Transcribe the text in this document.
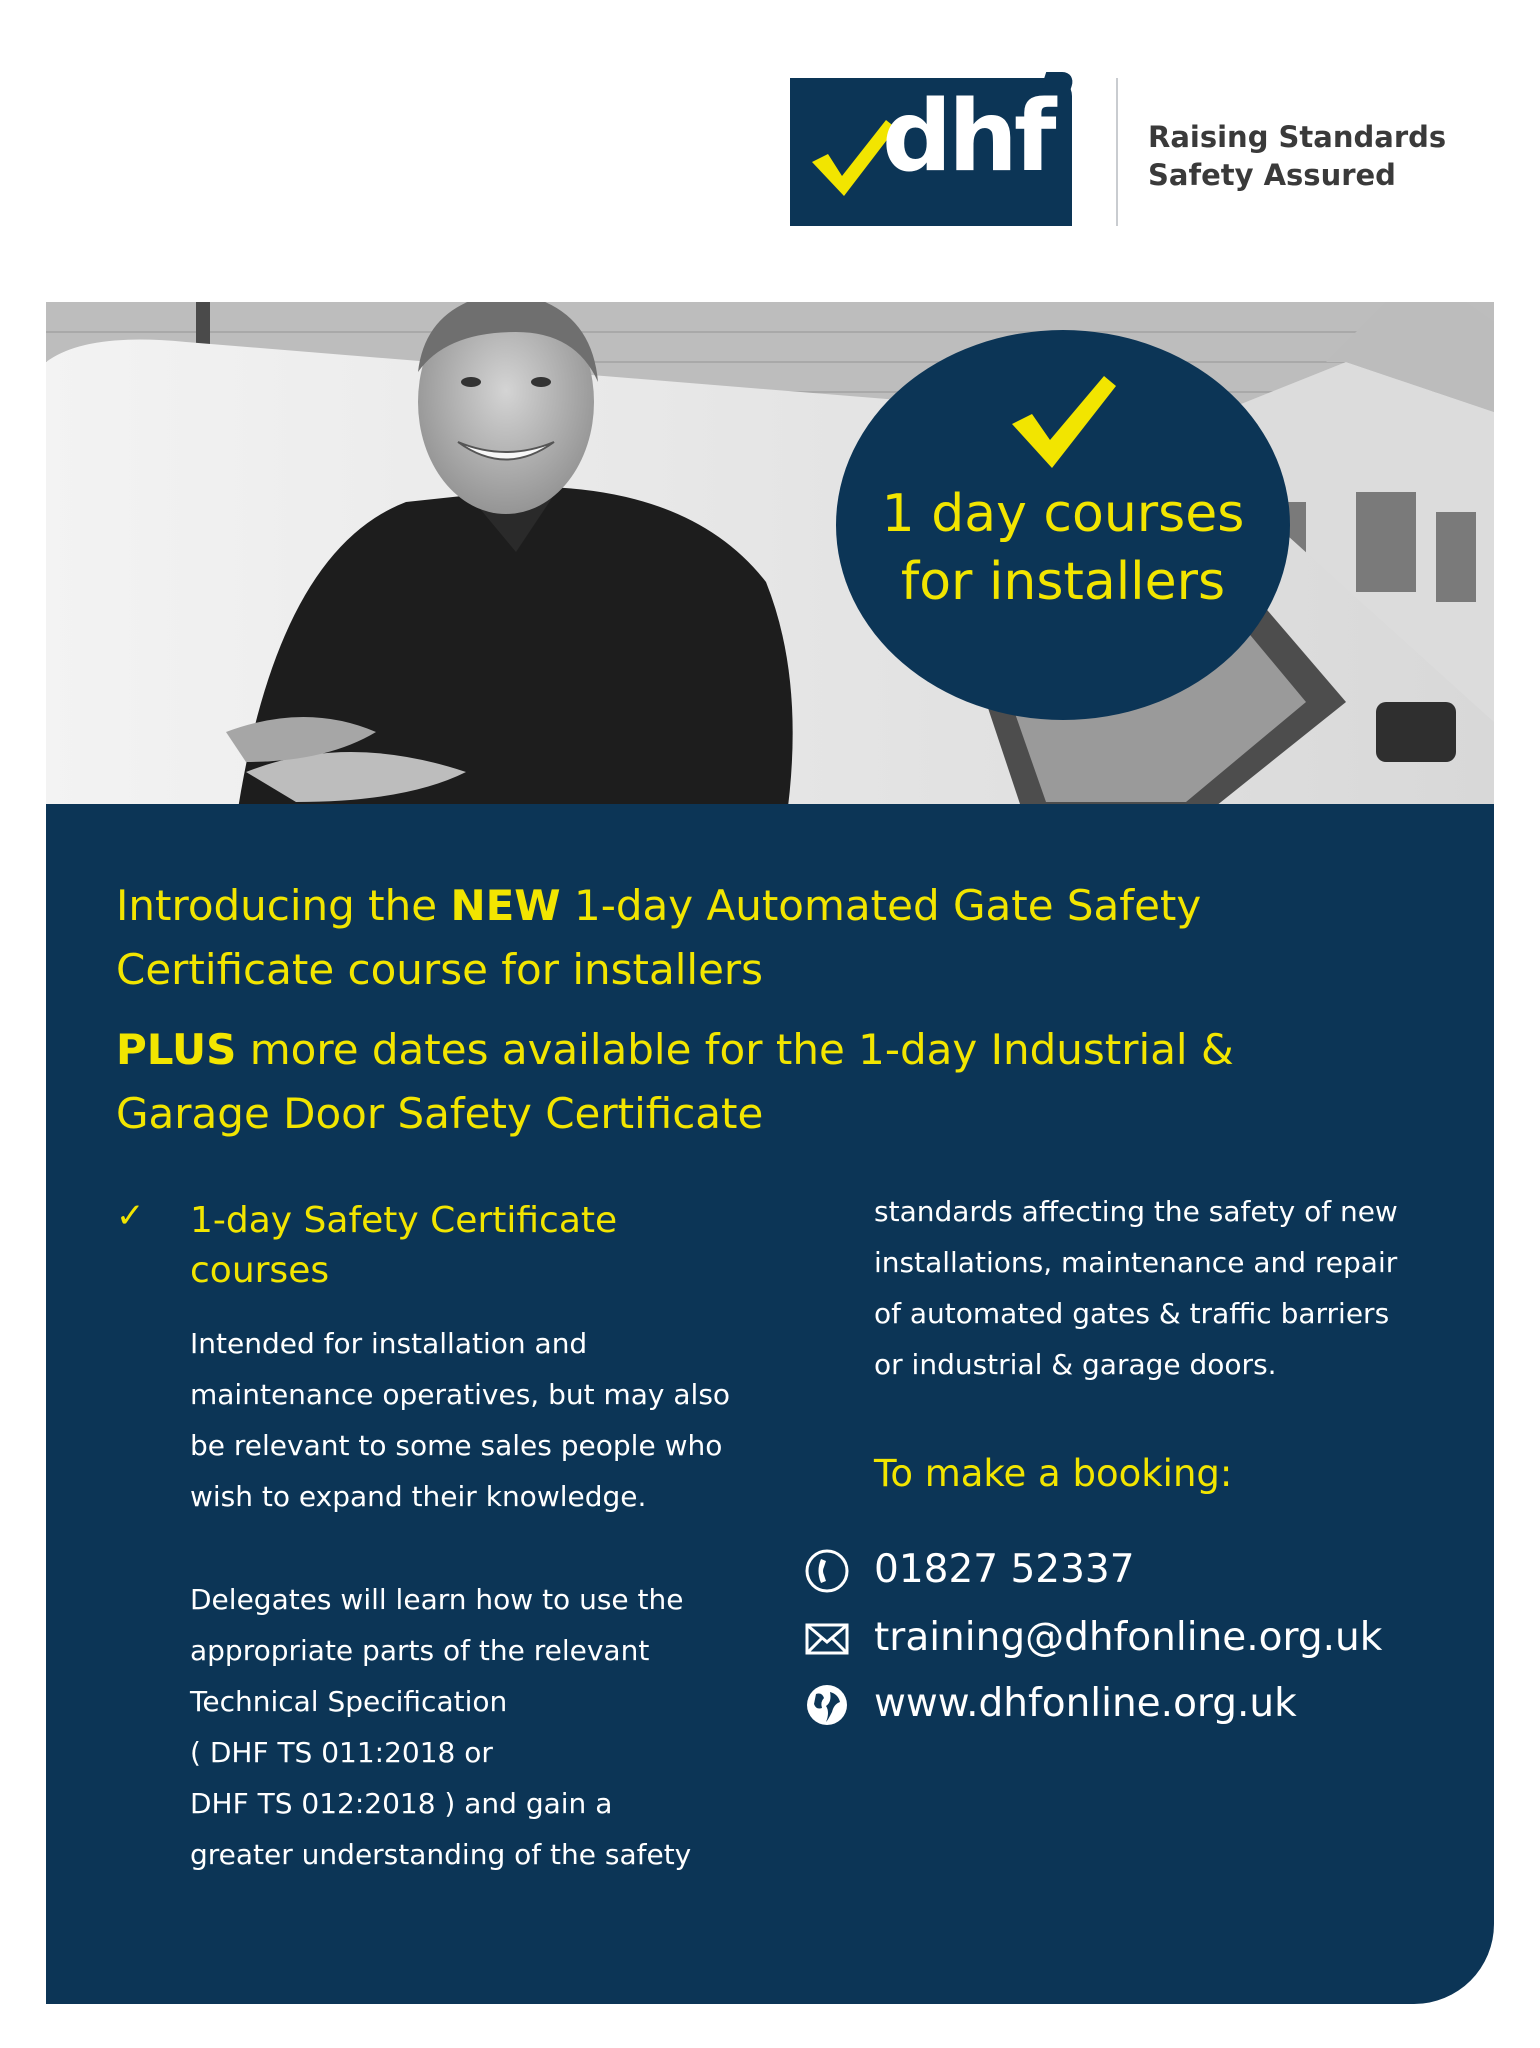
dhf	Raising Standards
Safety Assured
1 day courses
for installers
Introducing the NEW 1-day Automated Gate Safety
Certificate course for installers
PLUS more dates available for the 1-day Industrial &
Garage Door Safety Certificate
✓ 1-day Safety Certificate courses
Intended for installation and maintenance operatives, but may also be relevant to some sales people who wish to expand their knowledge.
Delegates will learn how to use the
appropriate parts of the relevant
Technical Specification
( DHF TS 011:2018 or
DHF TS 012:2018 ) and gain a
greater understanding of the safety
standards affecting the safety of new
installations, maintenance and repair
of automated gates & traffic barriers
or industrial & garage doors.
To make a booking:
01827 52337
training@dhfonline.org.uk
www.dhfonline.org.uk
